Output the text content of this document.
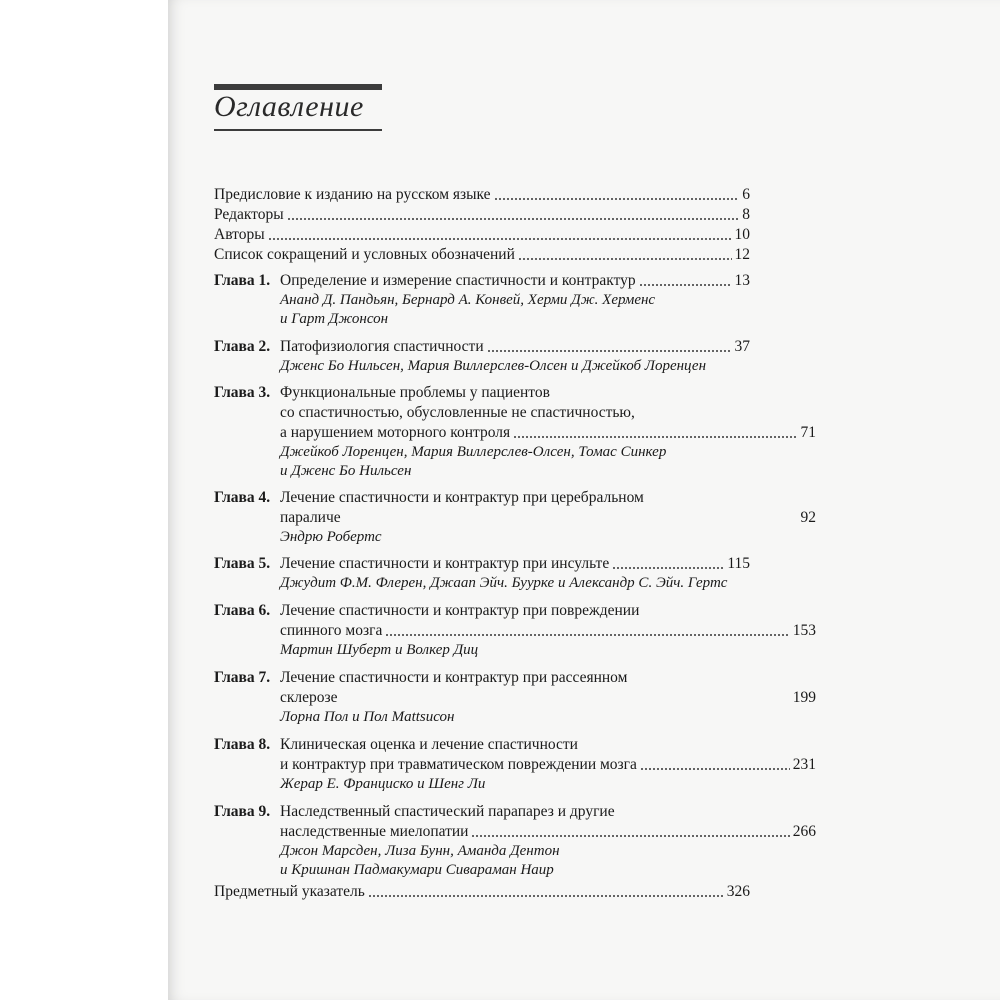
Оглавление
Предисловие к изданию на русском языке	6
Редакторы	8
Авторы	10
Список сокращений и условных обозначений	12
Глава 1. Определение и измерение спастичности и контрактур	13
Ананд Д. Пандьян, Бернард А. Конвей, Херми Дж. Херменс
и Гарт Джонсон
Глава 2. Патофизиология спастичности	37
Дженс Бо Нильсен, Мария Виллерслев-Олсен и Джейкоб Лоренцен
Глава 3. Функциональные проблемы у пациентов
со спастичностью, обусловленные не спастичностью,
а нарушением моторного контроля	71
Джейкоб Лоренцен, Мария Виллерслев-Олсен, Томас Синкер
и Дженс Бо Нильсен
Глава 4. Лечение спастичности и контрактур при церебральном
параличе	92
Эндрю Робертс
Глава 5. Лечение спастичности и контрактур при инсульте	115
Джудит Ф.М. Флерен, Джаап Эйч. Буурке и Александр С. Эйч. Гертс
Глава 6. Лечение спастичности и контрактур при повреждении
спинного мозга	153
Мартин Шуберт и Волкер Диц
Глава 7. Лечение спастичности и контрактур при рассеянном
склерозе	199
Лорна Пол и Пол Mattsисон
Глава 8. Клиническая оценка и лечение спастичности
и контрактур при травматическом повреждении мозга	231
Жерар Е. Франциско и Шенг Ли
Глава 9. Наследственный спастический парапарез и другие
наследственные миелопатии	266
Джон Марсден, Лиза Бунн, Аманда Дентон
и Кришнан Падмакумари Сивараман Наир
Предметный указатель	326
